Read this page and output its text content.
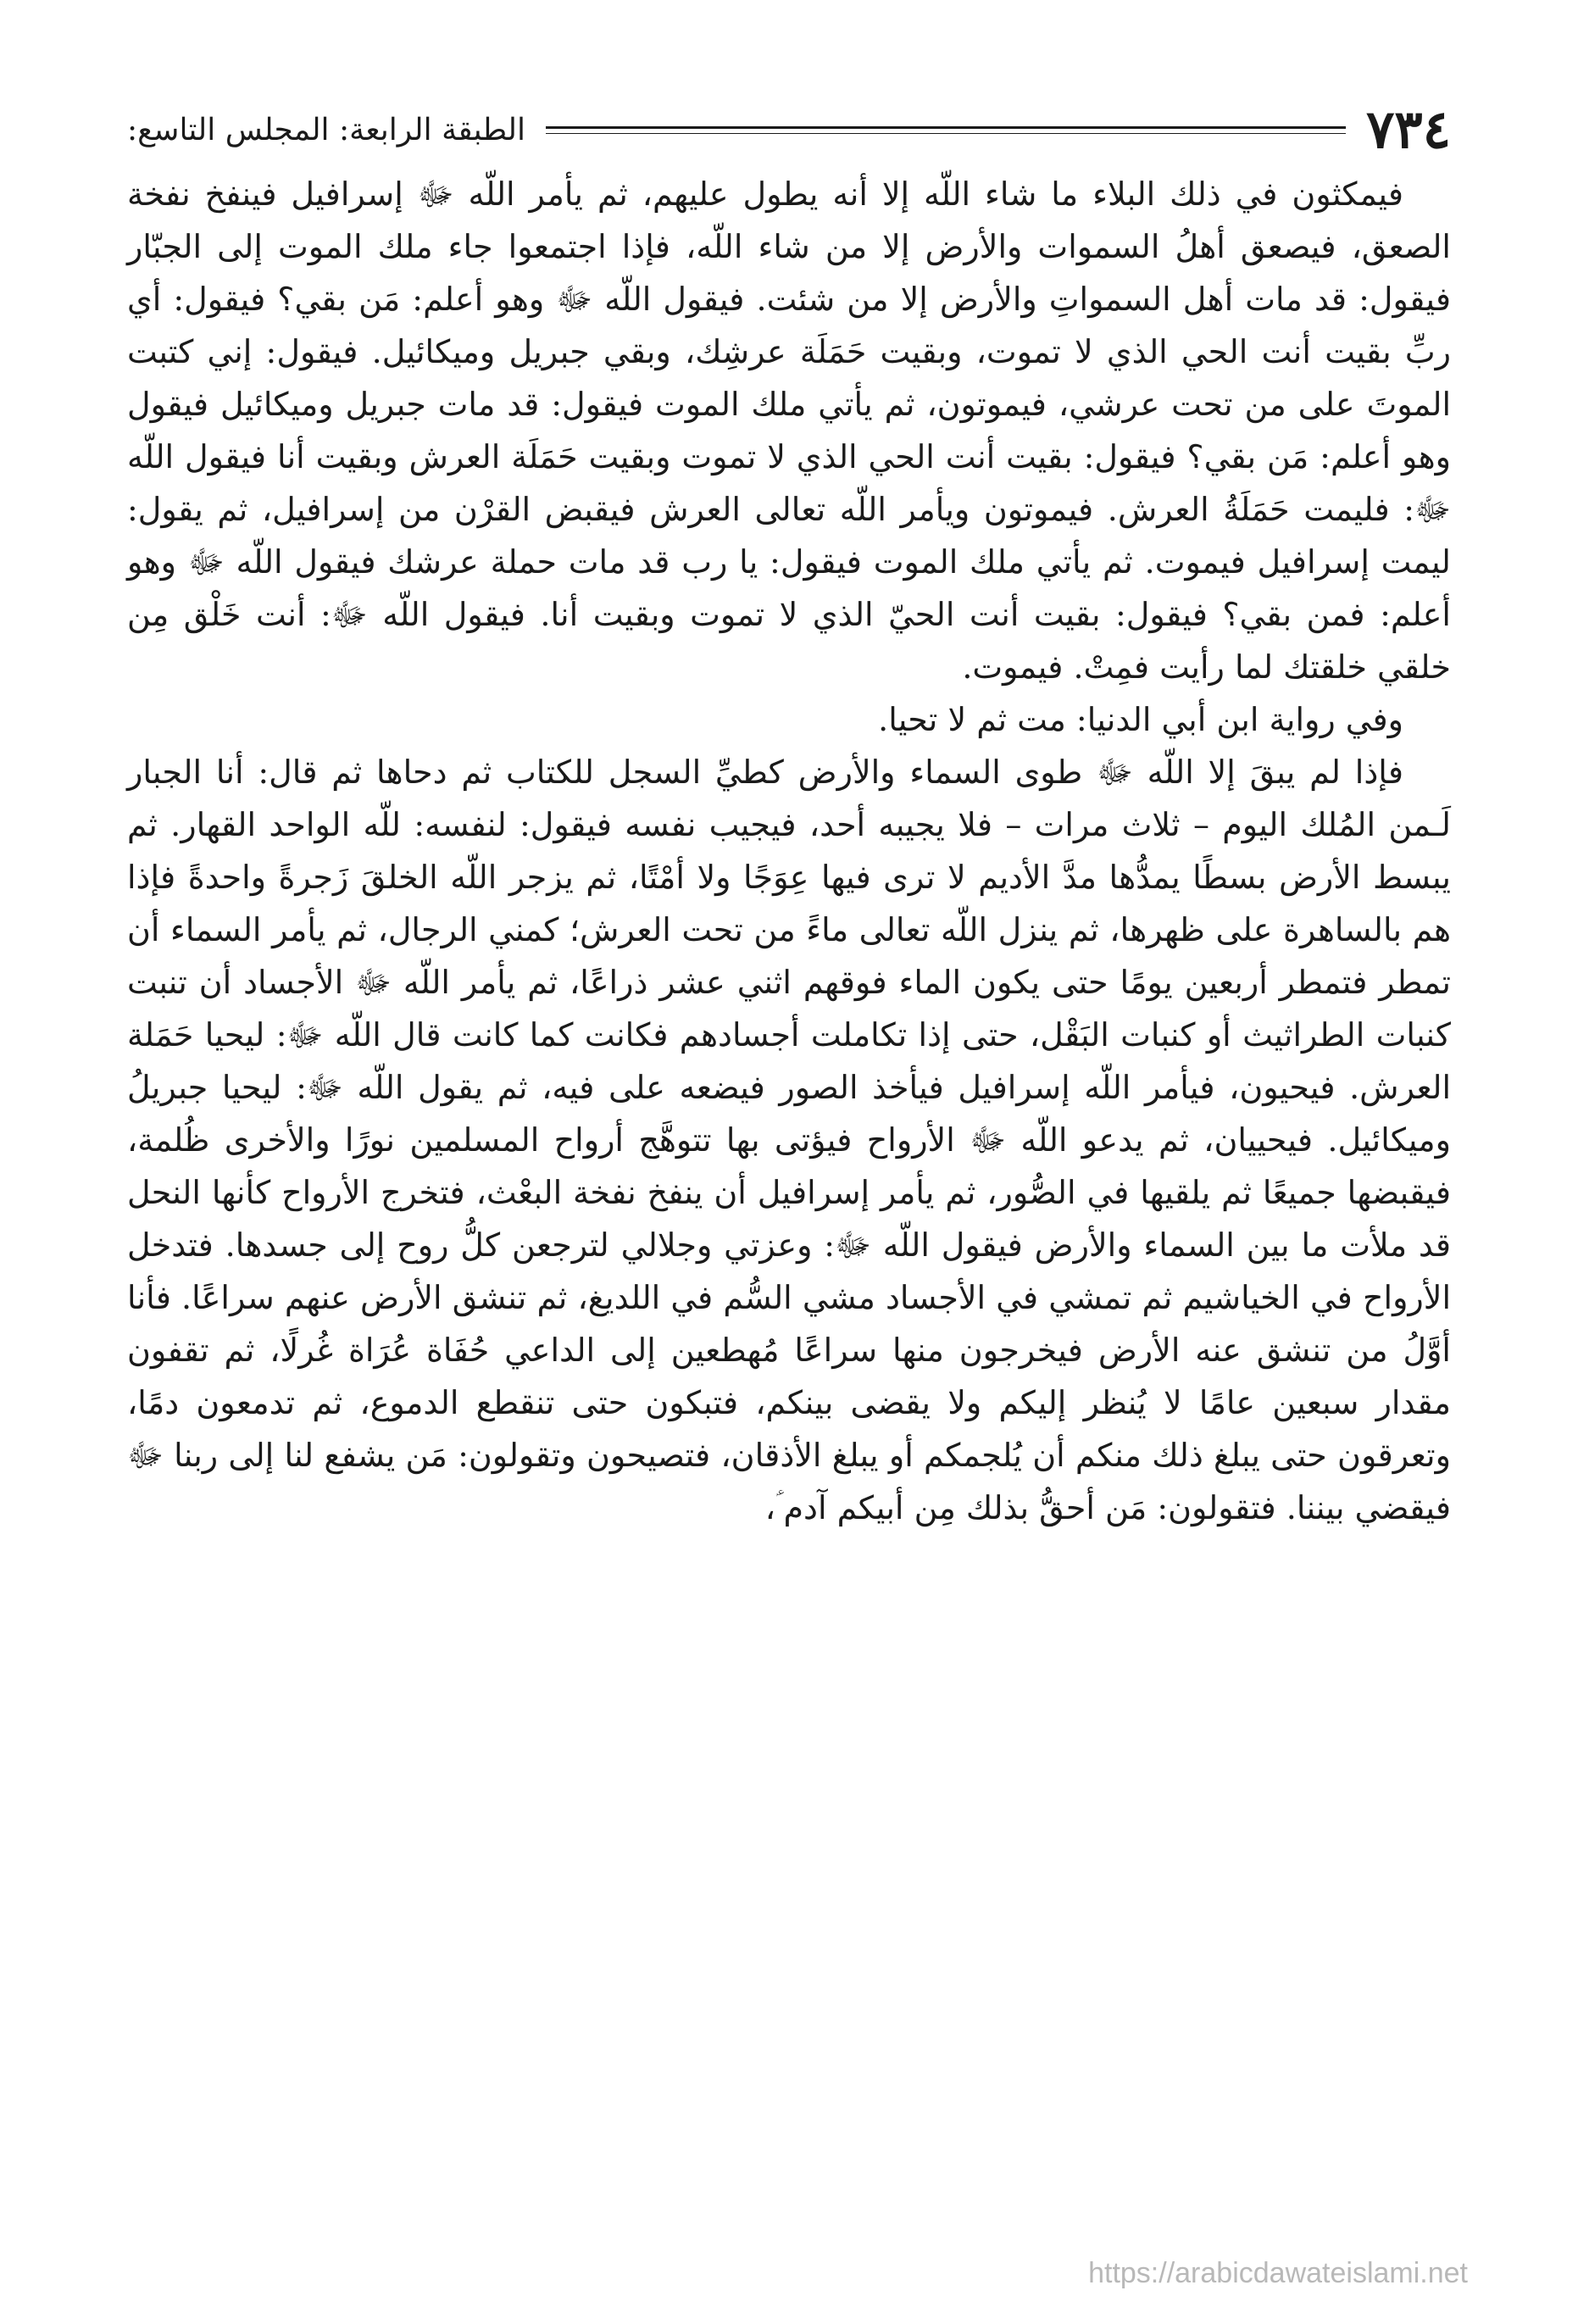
٧٣٤
الطبقة الرابعة: المجلس التاسع:

فيمكثون في ذلك البلاء ما شاء اللّه إلا أنه يطول عليهم، ثم يأمر اللّه ﷻ إسرافيل فينفخ نفخة الصعق، فيصعق أهلُ السموات والأرض إلا من شاء اللّه، فإذا اجتمعوا جاء ملك الموت إلى الجبّار فيقول: قد مات أهل السمواتِ والأرض إلا من شئت. فيقول اللّه ﷻ وهو أعلم: مَن بقي؟ فيقول: أي ربِّ بقيت أنت الحي الذي لا تموت، وبقيت حَمَلَة عرشِك، وبقي جبريل وميكائيل. فيقول: إني كتبت الموتَ على من تحت عرشي، فيموتون، ثم يأتي ملك الموت فيقول: قد مات جبريل وميكائيل فيقول وهو أعلم: مَن بقي؟ فيقول: بقيت أنت الحي الذي لا تموت وبقيت حَمَلَة العرش وبقيت أنا فيقول اللّه ﷻ: فليمت حَمَلَةُ العرش. فيموتون ويأمر اللّه تعالى العرش فيقبض القرْن من إسرافيل، ثم يقول: ليمت إسرافيل فيموت. ثم يأتي ملك الموت فيقول: يا رب قد مات حملة عرشك فيقول اللّه ﷻ وهو أعلم: فمن بقي؟ فيقول: بقيت أنت الحيّ الذي لا تموت وبقيت أنا. فيقول اللّه ﷻ: أنت خَلْق مِن خلقي خلقتك لما رأيت فمِتْ. فيموت.

وفي رواية ابن أبي الدنيا: مت ثم لا تحيا.

فإذا لم يبقَ إلا اللّه ﷻ طوى السماء والأرض كطيِّ السجل للكتاب ثم دحاها ثم قال: أنا الجبار لَـمن المُلك اليوم – ثلاث مرات – فلا يجيبه أحد، فيجيب نفسه فيقول: لنفسه: للّه الواحد القهار. ثم يبسط الأرض بسطًا يمدُّها مدَّ الأديم لا ترى فيها عِوَجًا ولا أمْتًا، ثم يزجر اللّه الخلقَ زَجرةً واحدةً فإذا هم بالساهرة على ظهرها، ثم ينزل اللّه تعالى ماءً من تحت العرش؛ كمني الرجال، ثم يأمر السماء أن تمطر فتمطر أربعين يومًا حتى يكون الماء فوقهم اثني عشر ذراعًا، ثم يأمر اللّه ﷻ الأجساد أن تنبت كنبات الطراثيث أو كنبات البَقْل، حتى إذا تكاملت أجسادهم فكانت كما كانت قال اللّه ﷻ: ليحيا حَمَلة العرش. فيحيون، فيأمر اللّه إسرافيل فيأخذ الصور فيضعه على فيه، ثم يقول اللّه ﷻ: ليحيا جبريلُ وميكائيل. فيحييان، ثم يدعو اللّه ﷻ الأرواح فيؤتى بها تتوهَّج أرواح المسلمين نورًا والأخرى ظُلمة، فيقبضها جميعًا ثم يلقيها في الصُّور، ثم يأمر إسرافيل أن ينفخ نفخة البعْث، فتخرج الأرواح كأنها النحل قد ملأت ما بين السماء والأرض فيقول اللّه ﷻ: وعزتي وجلالي لترجعن كلُّ روح إلى جسدها. فتدخل الأرواح في الخياشيم ثم تمشي في الأجساد مشي السُّم في اللديغ، ثم تنشق الأرض عنهم سراعًا. فأنا أوَّلُ من تنشق عنه الأرض فيخرجون منها سراعًا مُهطعين إلى الداعي حُفَاة عُرَاة غُرلًا، ثم تقفون مقدار سبعين عامًا لا يُنظر إليكم ولا يقضى بينكم، فتبكون حتى تنقطع الدموع، ثم تدمعون دمًا، وتعرقون حتى يبلغ ذلك منكم أن يُلجمكم أو يبلغ الأذقان، فتصيحون وتقولون: مَن يشفع لنا إلى ربنا ﷻ فيقضي بيننا. فتقولون: مَن أحقُّ بذلك مِن أبيكم آدم ؑ،

https://arabicdawateislami.net
